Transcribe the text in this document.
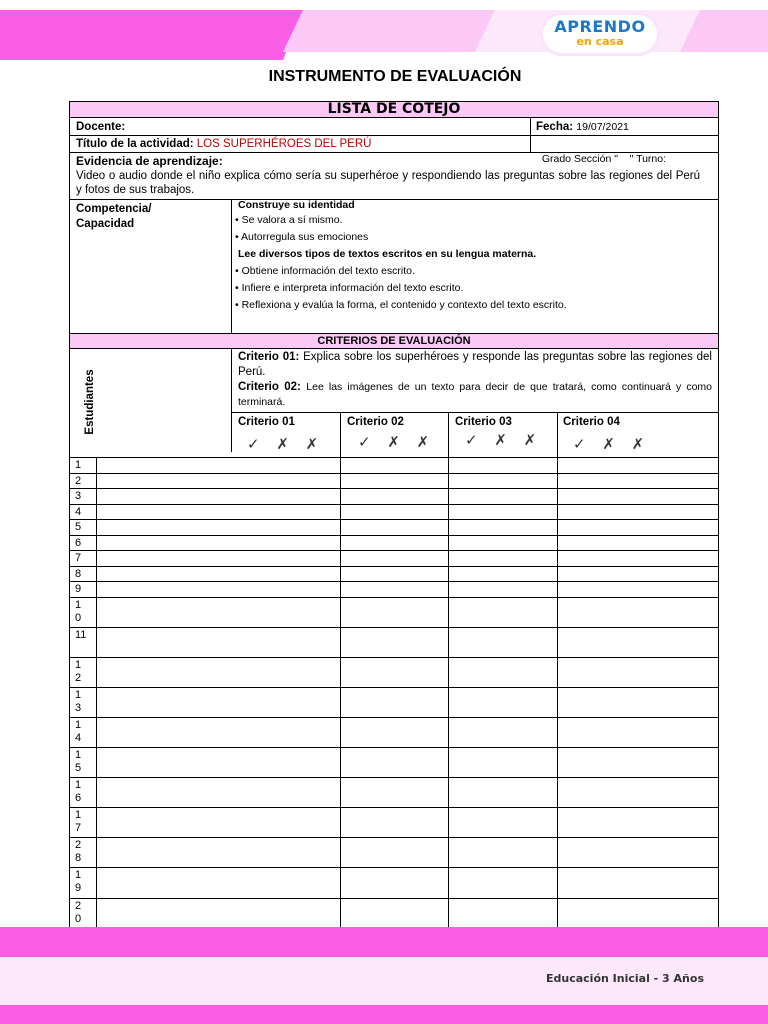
APRENDO
en casa
INSTRUMENTO DE EVALUACIÓN
LISTA DE COTEJO
Docente:	Fecha: 19/07/2021
Título de la actividad: LOS SUPERHÉROES DEL PERÚ

Grado Sección "    " Turno:

Evidencia de aprendizaje:
Video o audio donde el niño explica cómo sería su superhéroe y respondiendo las preguntas sobre las regiones del Perú y fotos de sus trabajos.
Competencia/ Capacidad
Construye su identidad
• Se valora a sí mismo.
• Autorregula sus emociones
Lee diversos tipos de textos escritos en su lengua materna.
• Obtiene información del texto escrito.
• Infiere e interpreta información del texto escrito.
• Reflexiona y evalúa la forma, el contenido y contexto del texto escrito.
CRITERIOS DE EVALUACIÓN
Estudiantes
Criterio 01: Explica sobre los superhéroes y responde las preguntas sobre las regiones del Perú.
Criterio 02: Lee las imágenes de un texto para decir de que tratará, como continuará y como terminará.
Criterio 01	Criterio 02	Criterio 03	Criterio 04
✓ ✗ ✗	✓ ✗ ✗	✓ ✗ ✗	✓ ✗ ✗
1
2
3
4
5
6
7
8
9
10
11
12
13
14
15
16
17
28
19
20
Educación Inicial - 3 Años
